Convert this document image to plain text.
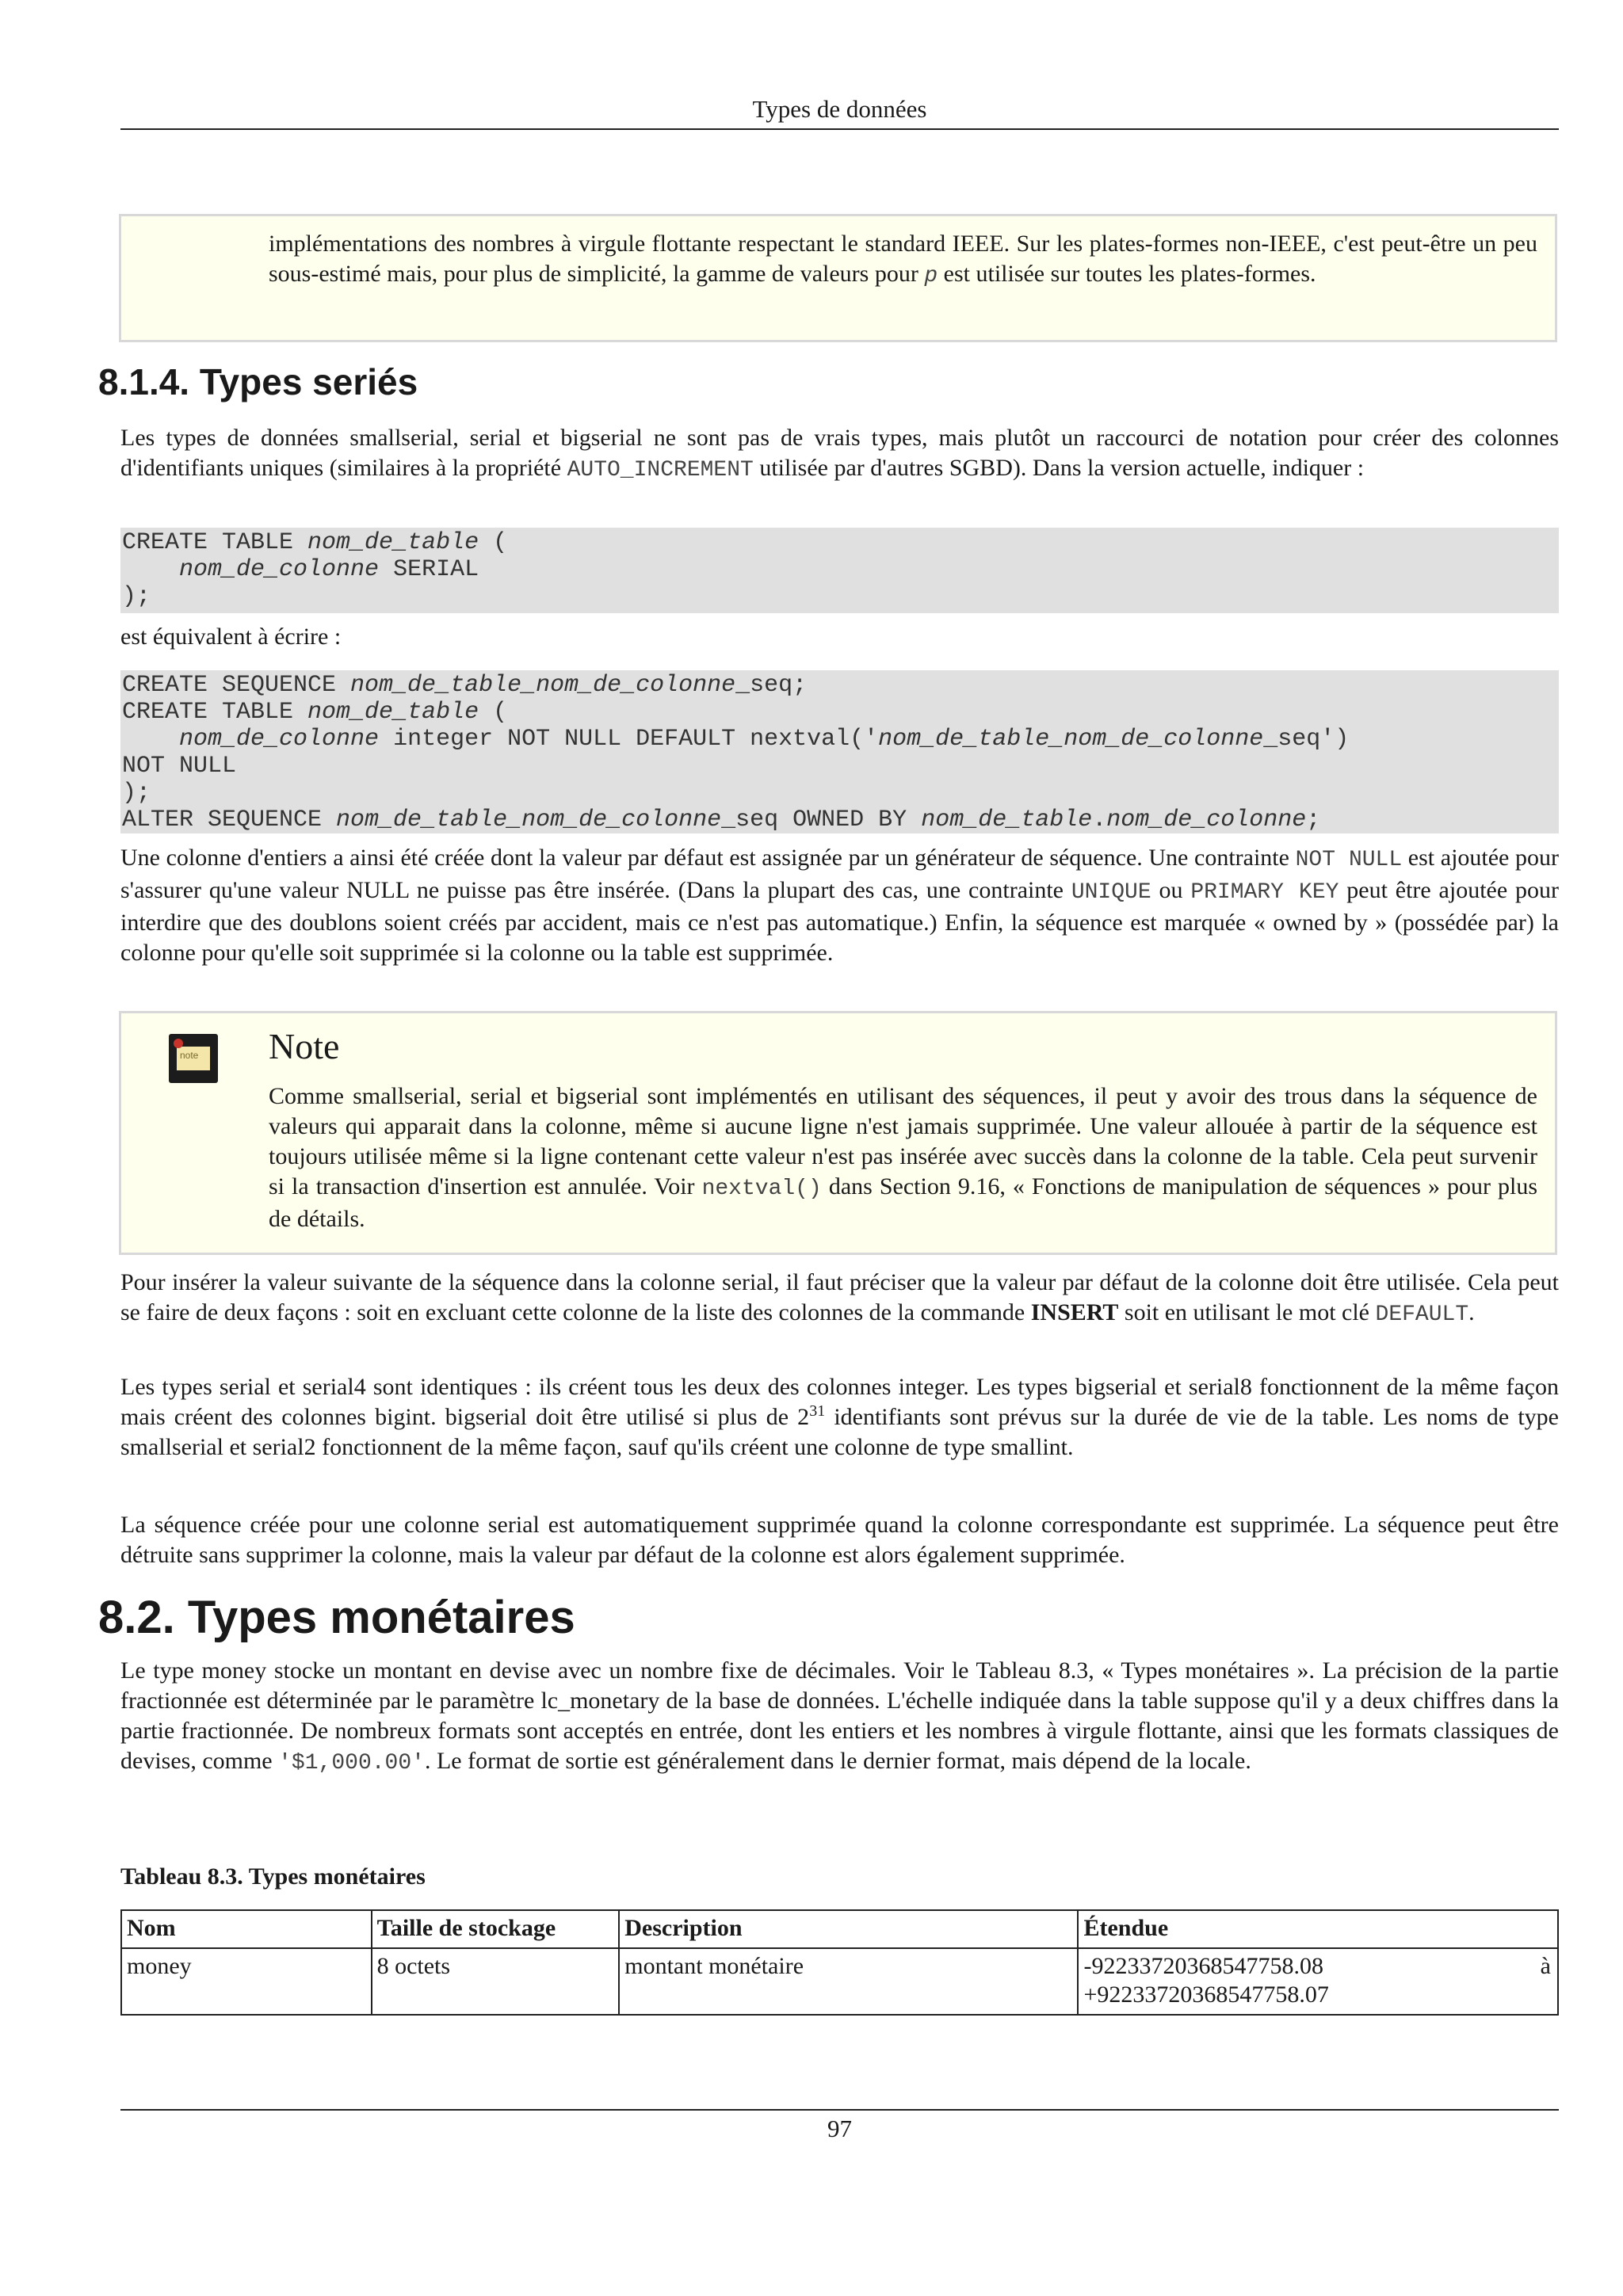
Types de données
implémentations des nombres à virgule flottante respectant le standard IEEE. Sur les plates-formes non-IEEE, c'est peut-être un peu sous-estimé mais, pour plus de simplicité, la gamme de valeurs pour p est utilisée sur toutes les plates-formes.
8.1.4. Types seriés

Les types de données smallserial, serial et bigserial ne sont pas de vrais types, mais plutôt un raccourci de notation pour créer des colonnes d'identifiants uniques (similaires à la propriété AUTO_INCREMENT utilisée par d'autres SGBD). Dans la version actuelle, indiquer :

CREATE TABLE nom_de_table (
nom_de_colonne SERIAL
);

est équivalent à écrire :

CREATE SEQUENCE nom_de_table_nom_de_colonne_seq;
CREATE TABLE nom_de_table (
nom_de_colonne integer NOT NULL DEFAULT nextval('nom_de_table_nom_de_colonne_seq')
NOT NULL
);
ALTER SEQUENCE nom_de_table_nom_de_colonne_seq OWNED BY nom_de_table.nom_de_colonne;

Une colonne d'entiers a ainsi été créée dont la valeur par défaut est assignée par un générateur de séquence. Une contrainte NOT NULL est ajoutée pour s'assurer qu'une valeur NULL ne puisse pas être insérée. (Dans la plupart des cas, une contrainte UNIQUE ou PRIMARY KEY peut être ajoutée pour interdire que des doublons soient créés par accident, mais ce n'est pas automatique.) Enfin, la séquence est marquée « owned by » (possédée par) la colonne pour qu'elle soit supprimée si la colonne ou la table est supprimée.

note Note
Comme smallserial, serial et bigserial sont implémentés en utilisant des séquences, il peut y avoir des trous dans la séquence de valeurs qui apparait dans la colonne, même si aucune ligne n'est jamais supprimée. Une valeur allouée à partir de la séquence est toujours utilisée même si la ligne contenant cette valeur n'est pas insérée avec succès dans la colonne de la table. Cela peut survenir si la transaction d'insertion est annulée. Voir nextval() dans Section 9.16, « Fonctions de manipulation de séquences » pour plus de détails.

Pour insérer la valeur suivante de la séquence dans la colonne serial, il faut préciser que la valeur par défaut de la colonne doit être utilisée. Cela peut se faire de deux façons : soit en excluant cette colonne de la liste des colonnes de la commande INSERT soit en utilisant le mot clé DEFAULT.

Les types serial et serial4 sont identiques : ils créent tous les deux des colonnes integer. Les types bigserial et serial8 fonctionnent de la même façon mais créent des colonnes bigint. bigserial doit être utilisé si plus de $2^{31}$ identifiants sont prévus sur la durée de vie de la table. Les noms de type smallserial et serial2 fonctionnent de la même façon, sauf qu'ils créent une colonne de type smallint.

La séquence créée pour une colonne serial est automatiquement supprimée quand la colonne correspondante est supprimée. La séquence peut être détruite sans supprimer la colonne, mais la valeur par défaut de la colonne est alors également supprimée.

8.2. Types monétaires

Le type money stocke un montant en devise avec un nombre fixe de décimales. Voir le Tableau 8.3, « Types monétaires ». La précision de la partie fractionnée est déterminée par le paramètre lc_monetary de la base de données. L'échelle indiquée dans la table suppose qu'il y a deux chiffres dans la partie fractionnée. De nombreux formats sont acceptés en entrée, dont les entiers et les nombres à virgule flottante, ainsi que les formats classiques de devises, comme '$1,000.00'. Le format de sortie est généralement dans le dernier format, mais dépend de la locale.

Tableau 8.3. Types monétaires
Nom	Taille de stockage	Description	Étendue
money	8 octets	montant monétaire	-92233720368547758.08 à

+92233720368547758.07
97
